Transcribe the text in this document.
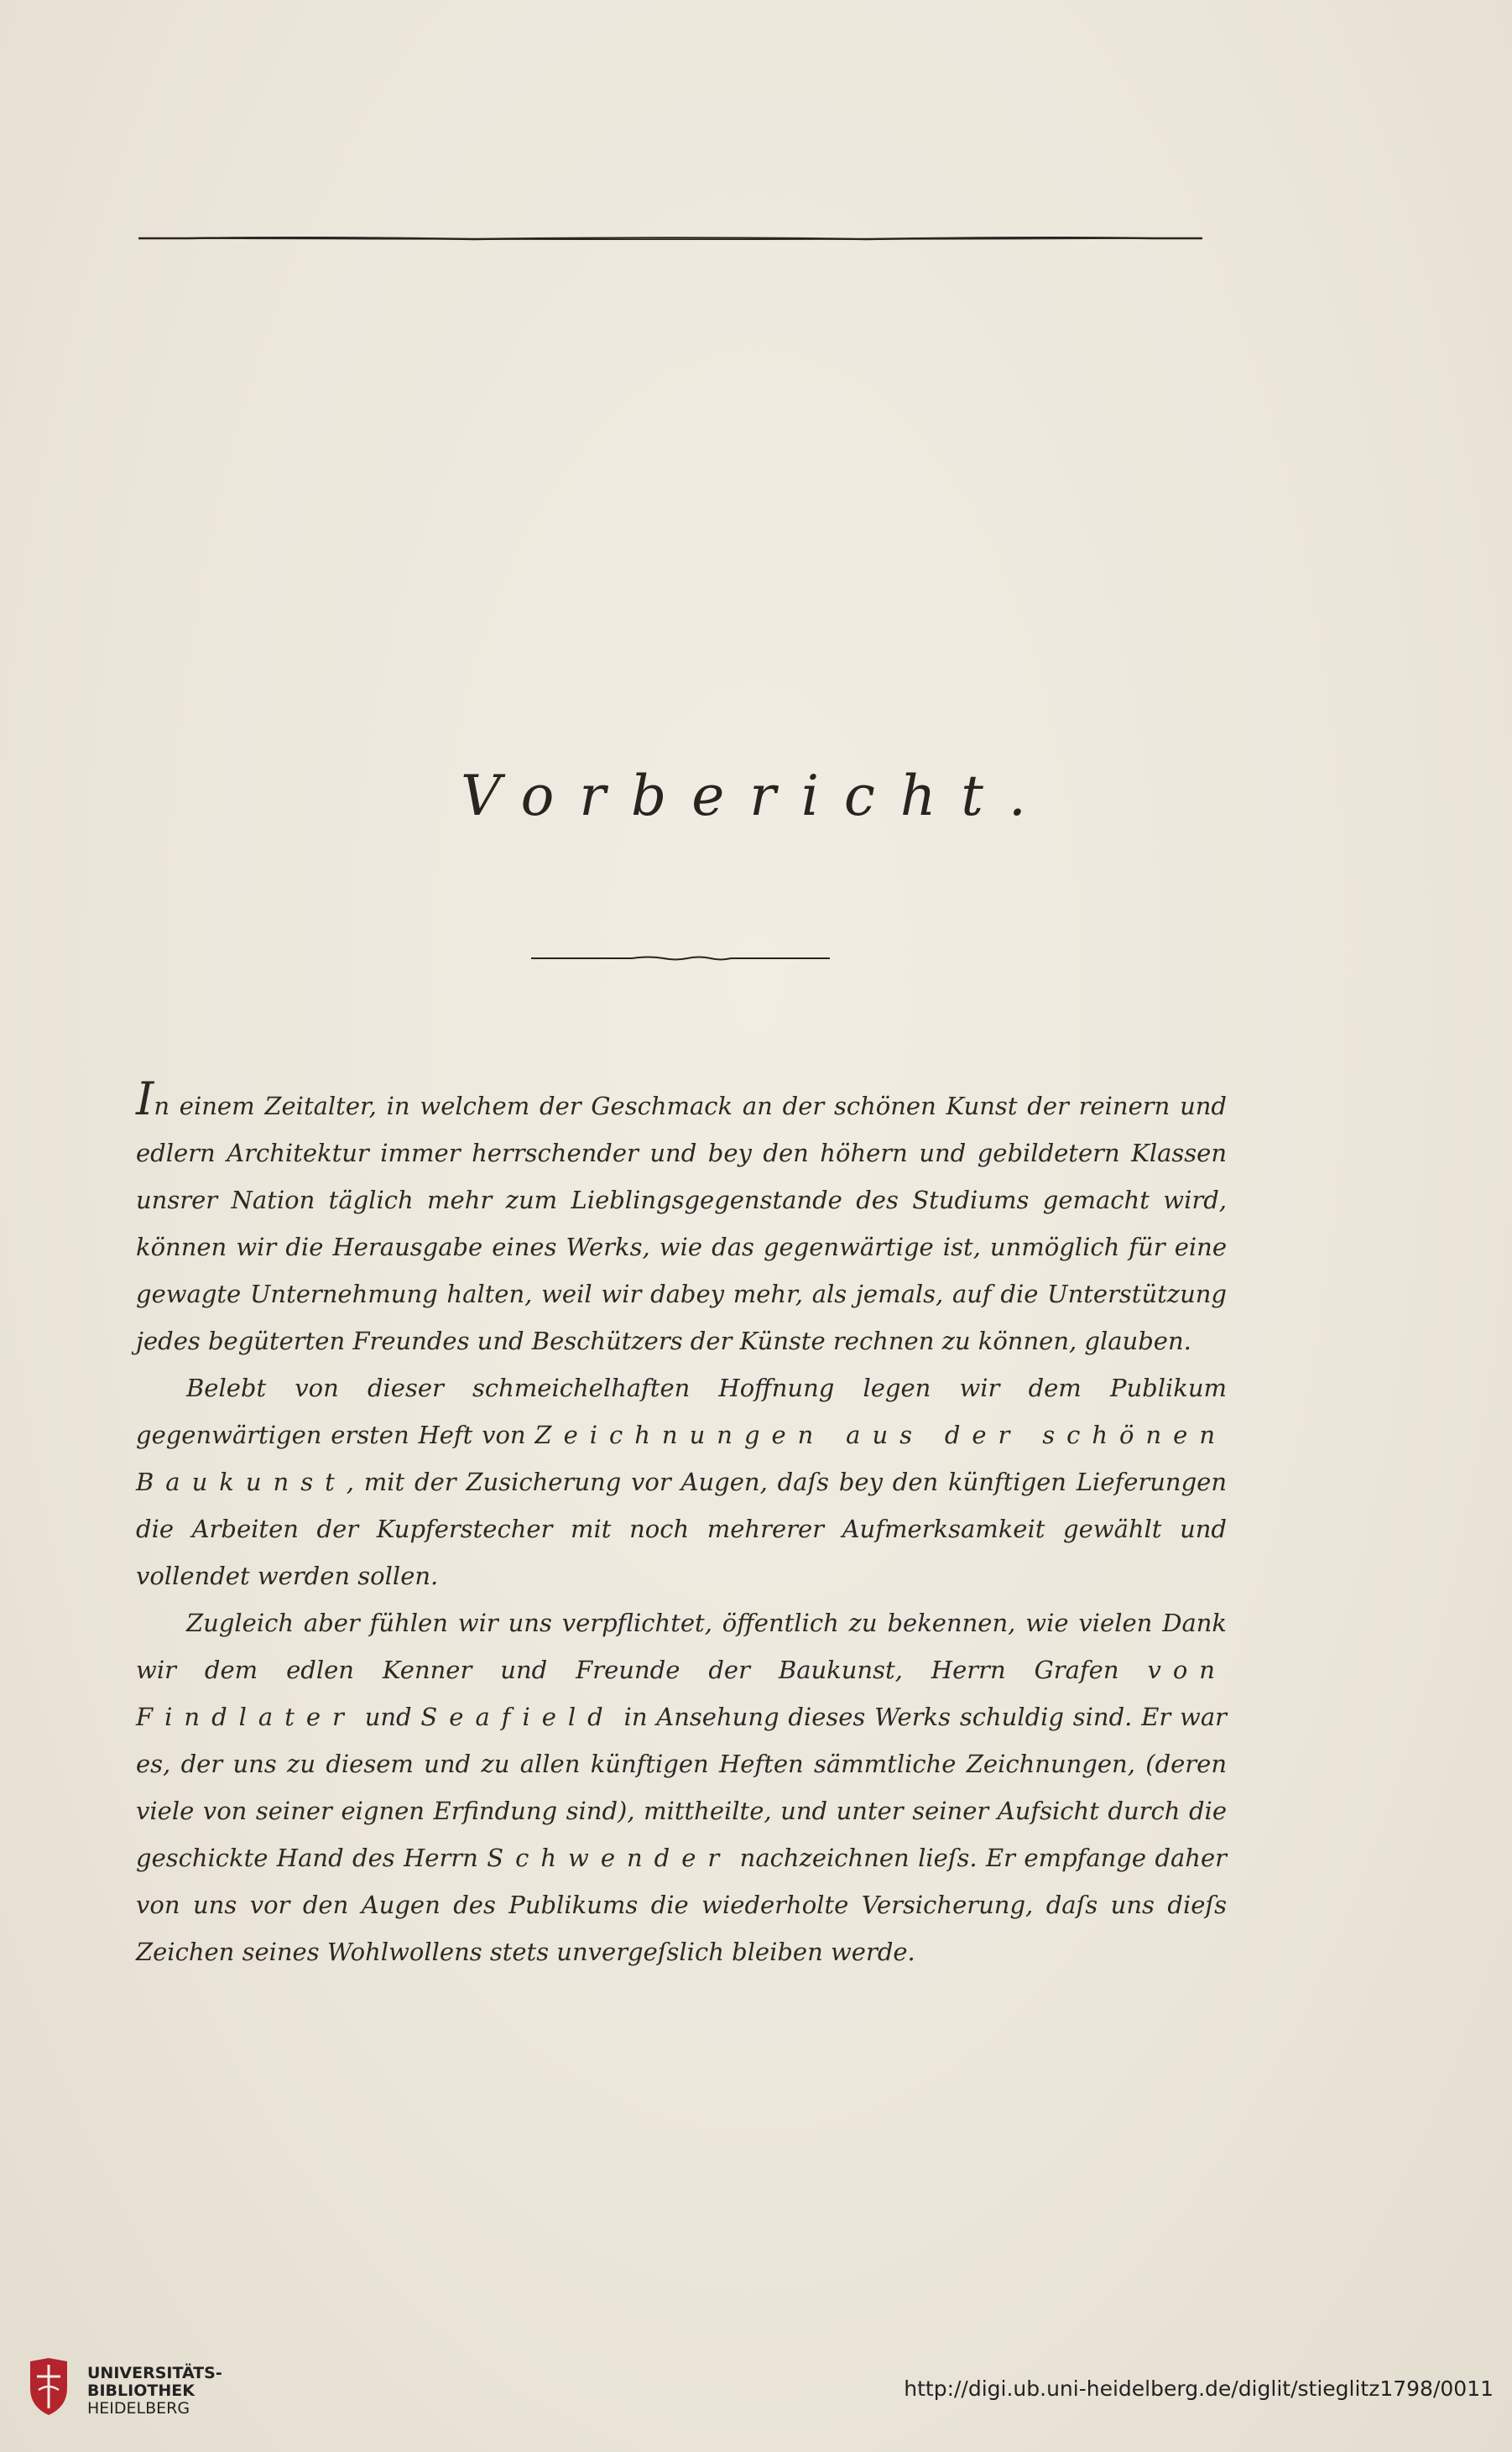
Vorbericht.

In einem Zeitalter, in welchem der Geschmack an der schönen Kunst der reinern und edlern Architektur immer herrschender und bey den höhern und gebildetern Klassen unsrer Nation täglich mehr zum Lieblingsgegenstande des Studiums gemacht wird, können wir die Herausgabe eines Werks, wie das gegenwärtige ist, unmöglich für eine gewagte Unternehmung halten, weil wir dabey mehr, als jemals, auf die Unterstützung jedes begüterten Freundes und Beschützers der Künste rechnen zu können, glauben.

Belebt von dieser schmeichelhaften Hoffnung legen wir dem Publikum gegenwärtigen ersten Heft von Zeichnungen aus der schönen Baukunst, mit der Zusicherung vor Augen, daſs bey den künftigen Lieferungen die Arbeiten der Kupferstecher mit noch mehrerer Aufmerksamkeit gewählt und vollendet werden sollen.

Zugleich aber fühlen wir uns verpflichtet, öffentlich zu bekennen, wie vielen Dank wir dem edlen Kenner und Freunde der Baukunst, Herrn Grafen von Findlater und Seafield in Ansehung dieses Werks schuldig sind. Er war es, der uns zu diesem und zu allen künftigen Heften sämmtliche Zeichnungen, (deren viele von seiner eignen Erfindung sind), mittheilte, und unter seiner Aufsicht durch die geschickte Hand des Herrn Schwender nachzeichnen lieſs. Er empfange daher von uns vor den Augen des Publikums die wiederholte Versicherung, daſs uns dieſs Zeichen seines Wohlwollens stets unvergeſslich bleiben werde.

UNIVERSITÄTS-
BIBLIOTHEK
HEIDELBERG
http://digi.ub.uni-heidelberg.de/diglit/stieglitz1798/0011
